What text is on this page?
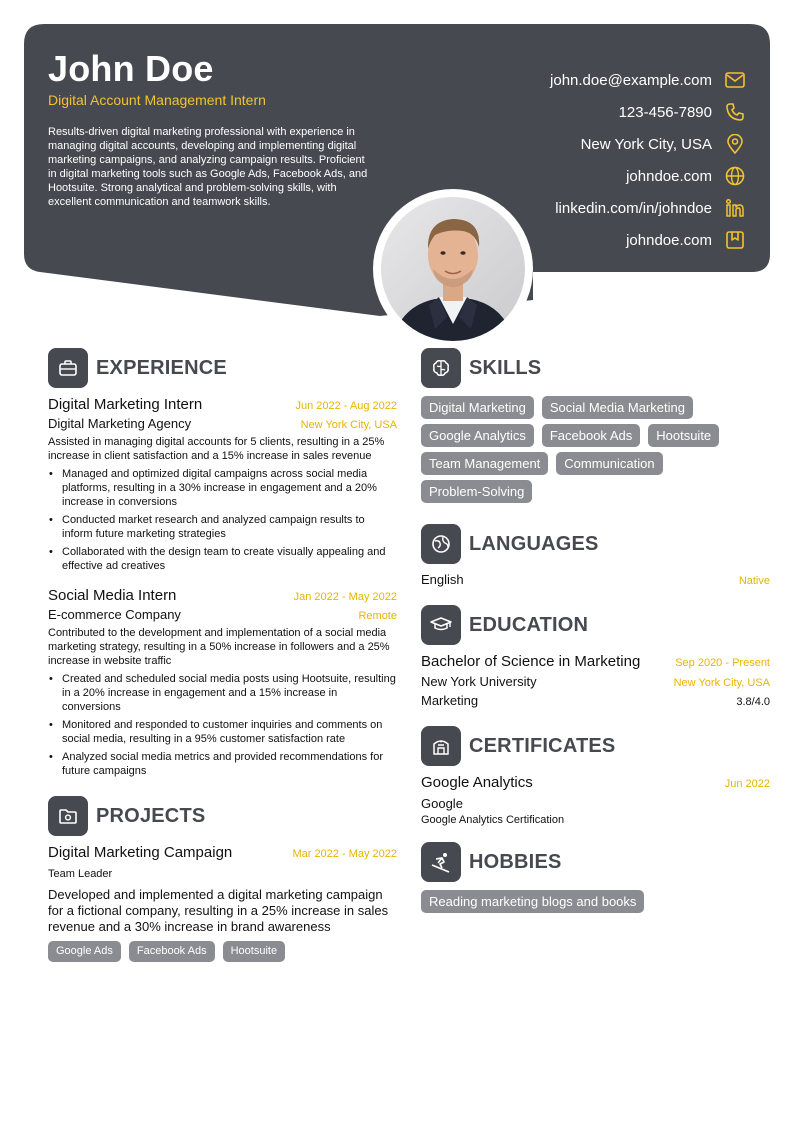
John Doe
Digital Account Management Intern
Results-driven digital marketing professional with experience in managing digital accounts, developing and implementing digital marketing campaigns, and analyzing campaign results. Proficient in digital marketing tools such as Google Ads, Facebook Ads, and Hootsuite. Strong analytical and problem-solving skills, with excellent communication and teamwork skills.
john.doe@example.com
123-456-7890
New York City, USA
johndoe.com
linkedin.com/in/johndoe
johndoe.com
EXPERIENCE
Digital Marketing Intern	Jun 2022 - Aug 2022
Digital Marketing Agency	New York City, USA
Assisted in managing digital accounts for 5 clients, resulting in a 25% increase in client satisfaction and a 15% increase in sales revenue
• Managed and optimized digital campaigns across social media platforms, resulting in a 30% increase in engagement and a 20% increase in conversions
• Conducted market research and analyzed campaign results to inform future marketing strategies
• Collaborated with the design team to create visually appealing and effective ad creatives
Social Media Intern	Jan 2022 - May 2022
E-commerce Company	Remote
Contributed to the development and implementation of a social media marketing strategy, resulting in a 50% increase in followers and a 25% increase in website traffic
• Created and scheduled social media posts using Hootsuite, resulting in a 20% increase in engagement and a 15% increase in conversions
• Monitored and responded to customer inquiries and comments on social media, resulting in a 95% customer satisfaction rate
• Analyzed social media metrics and provided recommendations for future campaigns
PROJECTS
Digital Marketing Campaign	Mar 2022 - May 2022
Team Leader
Developed and implemented a digital marketing campaign for a fictional company, resulting in a 25% increase in sales revenue and a 30% increase in brand awareness
Google Ads	Facebook Ads	Hootsuite
SKILLS
Digital Marketing	Social Media Marketing
Google Analytics	Facebook Ads	Hootsuite
Team Management	Communication
Problem-Solving
LANGUAGES
English	Native
EDUCATION
Bachelor of Science in Marketing	Sep 2020 - Present
New York University	New York City, USA
Marketing	3.8/4.0
CERTIFICATES
Google Analytics	Jun 2022
Google
Google Analytics Certification
HOBBIES
Reading marketing blogs and books
